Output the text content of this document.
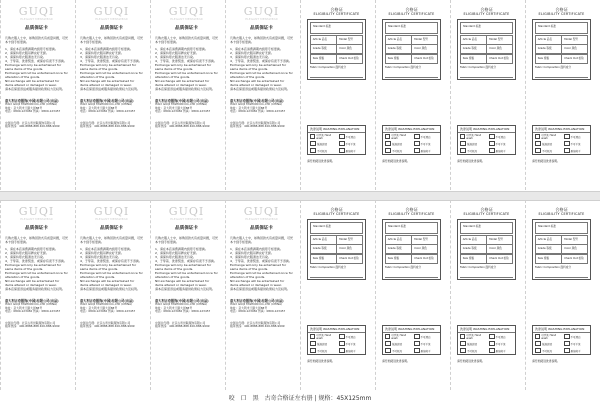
GUQI
ELEGANT MENSWEAR
品质保证卡
凡购衣服人士中，如购回款式有质量问题，可凭本卡到专柜更换。
1、请在本店消费满期内到原专柜更换。
2、请保持原衣服吊牌完好无损。
3、请保持原衣服清洁无污染。
4、于穿着、洗涤熨烫、或保存有误不予退换。
Exchange will only be entertained for same items of the goods.
Exchange will not be entertained once for alteration of the goods.
NO exchange will be entertained for items altered or damaged in wear.
请本店保留退货或服务提供政策权力及权利。
意大利古奇服饰(中国)有限公司(出品)
ITALY GUQI FASHION CO.,LTD (CHINA)
地址：意大利米兰路大街88号
电话：0800-123456 传真：0800-123457
中国总代理：北京古奇世联服饰有限公司
服务热线：400-8888-888 400-888-9999
GUQI
ELEGANT MENSWEAR
品质保证卡
凡购衣服人士中，如购回款式有质量问题，可凭本卡到专柜更换。
1、请在本店消费满期内到原专柜更换。
2、请保持原衣服吊牌完好无损。
3、请保持原衣服清洁无污染。
4、于穿着、洗涤熨烫、或保存有误不予退换。
Exchange will only be entertained for same items of the goods.
Exchange will not be entertained once for alteration of the goods.
NO exchange will be entertained for items altered or damaged in wear.
请本店保留退货或服务提供政策权力及权利。
意大利古奇服饰(中国)有限公司(出品)
ITALY GUQI FASHION CO.,LTD (CHINA)
地址：意大利米兰路大街88号
电话：0800-123456 传真：0800-123457
中国总代理：北京古奇世联服饰有限公司
服务热线：400-8888-888 400-888-9999
GUQI
ELEGANT MENSWEAR
品质保证卡
凡购衣服人士中，如购回款式有质量问题，可凭本卡到专柜更换。
1、请在本店消费满期内到原专柜更换。
2、请保持原衣服吊牌完好无损。
3、请保持原衣服清洁无污染。
4、于穿着、洗涤熨烫、或保存有误不予退换。
Exchange will only be entertained for same items of the goods.
Exchange will not be entertained once for alteration of the goods.
NO exchange will be entertained for items altered or damaged in wear.
请本店保留退货或服务提供政策权力及权利。
意大利古奇服饰(中国)有限公司(出品)
ITALY GUQI FASHION CO.,LTD (CHINA)
地址：意大利米兰路大街88号
电话：0800-123456 传真：0800-123457
中国总代理：北京古奇世联服饰有限公司
服务热线：400-8888-888 400-888-9999
GUQI
ELEGANT MENSWEAR
品质保证卡
凡购衣服人士中，如购回款式有质量问题，可凭本卡到专柜更换。
1、请在本店消费满期内到原专柜更换。
2、请保持原衣服吊牌完好无损。
3、请保持原衣服清洁无污染。
4、于穿着、洗涤熨烫、或保存有误不予退换。
Exchange will only be entertained for same items of the goods.
Exchange will not be entertained once for alteration of the goods.
NO exchange will be entertained for items altered or damaged in wear.
请本店保留退货或服务提供政策权力及权利。
意大利古奇服饰(中国)有限公司(出品)
ITALY GUQI FASHION CO.,LTD (CHINA)
地址：意大利米兰路大街88号
电话：0800-123456 传真：0800-123457
中国总代理：北京古奇世联服饰有限公司
服务热线：400-8888-888 400-888-9999
合格证
ELIGIBILITY CERTIFICATE
Standard 标准
Article 品名	Model 型号
Grade 等级	Color 颜色
Size 规格	Check Out 检验
Fabric Composition 面料成分
洗涤说明 WASHING EXPLANATION
可手洗 Hand wash	不可漂白
低温熨烫	不可干洗
不可机洗	悬挂晾干
请仔细阅读洗涤说明。
合格证
ELIGIBILITY CERTIFICATE
Standard 标准
Article 品名	Model 型号
Grade 等级	Color 颜色
Size 规格	Check Out 检验
Fabric Composition 面料成分
洗涤说明 WASHING EXPLANATION
可手洗 Hand wash	不可漂白
低温熨烫	不可干洗
不可机洗	悬挂晾干
请仔细阅读洗涤说明。
合格证
ELIGIBILITY CERTIFICATE
Standard 标准
Article 品名	Model 型号
Grade 等级	Color 颜色
Size 规格	Check Out 检验
Fabric Composition 面料成分
洗涤说明 WASHING EXPLANATION
可手洗 Hand wash	不可漂白
低温熨烫	不可干洗
不可机洗	悬挂晾干
请仔细阅读洗涤说明。
合格证
ELIGIBILITY CERTIFICATE
Standard 标准
Article 品名	Model 型号
Grade 等级	Color 颜色
Size 规格	Check Out 检验
Fabric Composition 面料成分
洗涤说明 WASHING EXPLANATION
可手洗 Hand wash	不可漂白
低温熨烫	不可干洗
不可机洗	悬挂晾干
请仔细阅读洗涤说明。
GUQI
ELEGANT MENSWEAR
品质保证卡
凡购衣服人士中，如购回款式有质量问题，可凭本卡到专柜更换。
1、请在本店消费满期内到原专柜更换。
2、请保持原衣服吊牌完好无损。
3、请保持原衣服清洁无污染。
4、于穿着、洗涤熨烫、或保存有误不予退换。
Exchange will only be entertained for same items of the goods.
Exchange will not be entertained once for alteration of the goods.
NO exchange will be entertained for items altered or damaged in wear.
请本店保留退货或服务提供政策权力及权利。
意大利古奇服饰(中国)有限公司(出品)
ITALY GUQI FASHION CO.,LTD (CHINA)
地址：意大利米兰路大街88号
电话：0800-123456 传真：0800-123457
中国总代理：北京古奇世联服饰有限公司
服务热线：400-8888-888 400-888-9999
GUQI
ELEGANT MENSWEAR
品质保证卡
凡购衣服人士中，如购回款式有质量问题，可凭本卡到专柜更换。
1、请在本店消费满期内到原专柜更换。
2、请保持原衣服吊牌完好无损。
3、请保持原衣服清洁无污染。
4、于穿着、洗涤熨烫、或保存有误不予退换。
Exchange will only be entertained for same items of the goods.
Exchange will not be entertained once for alteration of the goods.
NO exchange will be entertained for items altered or damaged in wear.
请本店保留退货或服务提供政策权力及权利。
意大利古奇服饰(中国)有限公司(出品)
ITALY GUQI FASHION CO.,LTD (CHINA)
地址：意大利米兰路大街88号
电话：0800-123456 传真：0800-123457
中国总代理：北京古奇世联服饰有限公司
服务热线：400-8888-888 400-888-9999
GUQI
ELEGANT MENSWEAR
品质保证卡
凡购衣服人士中，如购回款式有质量问题，可凭本卡到专柜更换。
1、请在本店消费满期内到原专柜更换。
2、请保持原衣服吊牌完好无损。
3、请保持原衣服清洁无污染。
4、于穿着、洗涤熨烫、或保存有误不予退换。
Exchange will only be entertained for same items of the goods.
Exchange will not be entertained once for alteration of the goods.
NO exchange will be entertained for items altered or damaged in wear.
请本店保留退货或服务提供政策权力及权利。
意大利古奇服饰(中国)有限公司(出品)
ITALY GUQI FASHION CO.,LTD (CHINA)
地址：意大利米兰路大街88号
电话：0800-123456 传真：0800-123457
中国总代理：北京古奇世联服饰有限公司
服务热线：400-8888-888 400-888-9999
GUQI
ELEGANT MENSWEAR
品质保证卡
凡购衣服人士中，如购回款式有质量问题，可凭本卡到专柜更换。
1、请在本店消费满期内到原专柜更换。
2、请保持原衣服吊牌完好无损。
3、请保持原衣服清洁无污染。
4、于穿着、洗涤熨烫、或保存有误不予退换。
Exchange will only be entertained for same items of the goods.
Exchange will not be entertained once for alteration of the goods.
NO exchange will be entertained for items altered or damaged in wear.
请本店保留退货或服务提供政策权力及权利。
意大利古奇服饰(中国)有限公司(出品)
ITALY GUQI FASHION CO.,LTD (CHINA)
地址：意大利米兰路大街88号
电话：0800-123456 传真：0800-123457
中国总代理：北京古奇世联服饰有限公司
服务热线：400-8888-888 400-888-9999
合格证
ELIGIBILITY CERTIFICATE
Standard 标准
Article 品名	Model 型号
Grade 等级	Color 颜色
Size 规格	Check Out 检验
Fabric Composition 面料成分
洗涤说明 WASHING EXPLANATION
可手洗 Hand wash	不可漂白
低温熨烫	不可干洗
不可机洗	悬挂晾干
请仔细阅读洗涤说明。
合格证
ELIGIBILITY CERTIFICATE
Standard 标准
Article 品名	Model 型号
Grade 等级	Color 颜色
Size 规格	Check Out 检验
Fabric Composition 面料成分
洗涤说明 WASHING EXPLANATION
可手洗 Hand wash	不可漂白
低温熨烫	不可干洗
不可机洗	悬挂晾干
请仔细阅读洗涤说明。
合格证
ELIGIBILITY CERTIFICATE
Standard 标准
Article 品名	Model 型号
Grade 等级	Color 颜色
Size 规格	Check Out 检验
Fabric Composition 面料成分
洗涤说明 WASHING EXPLANATION
可手洗 Hand wash	不可漂白
低温熨烫	不可干洗
不可机洗	悬挂晾干
请仔细阅读洗涤说明。
合格证
ELIGIBILITY CERTIFICATE
Standard 标准
Article 品名	Model 型号
Grade 等级	Color 颜色
Size 规格	Check Out 检验
Fabric Composition 面料成分
洗涤说明 WASHING EXPLANATION
可手洗 Hand wash	不可漂白
低温熨烫	不可干洗
不可机洗	悬挂晾干
请仔细阅读洗涤说明。
咬　口　黑　古奇合格证左右册 | 规格：45X125mm
